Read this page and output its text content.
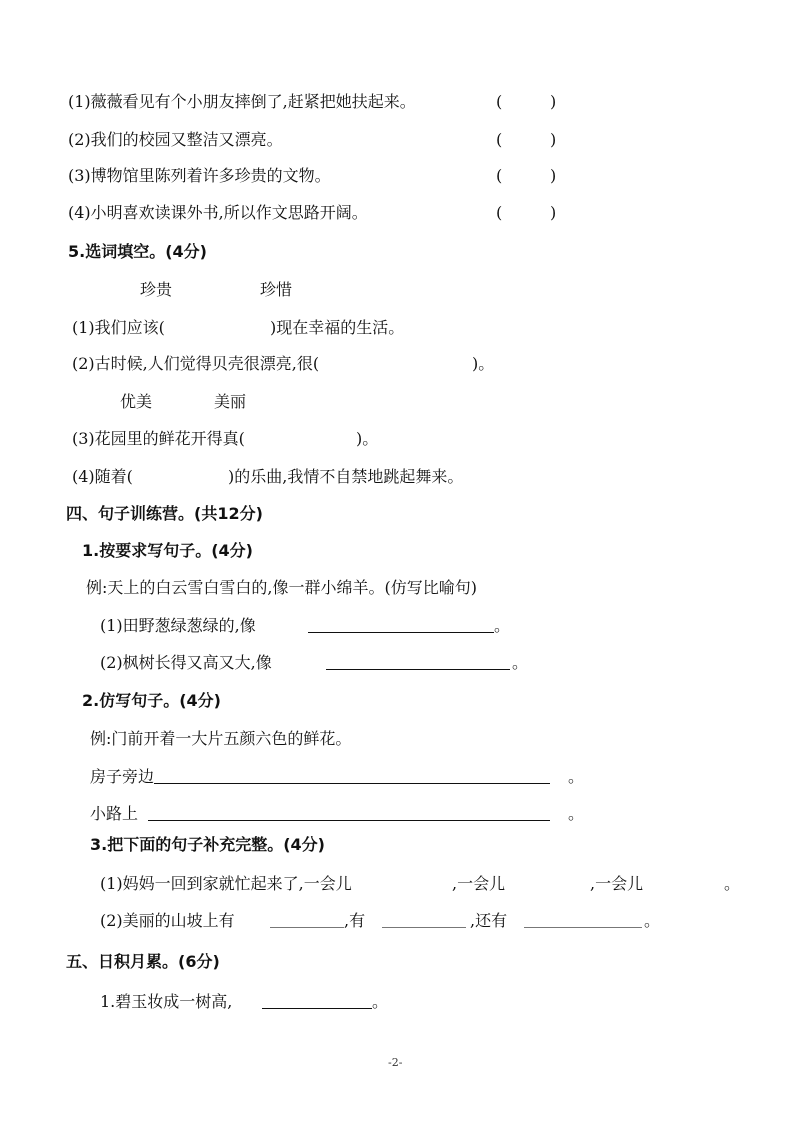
(1)薇薇看见有个小朋友摔倒了,赶紧把她扶起来。
(2)我们的校园又整洁又漂亮。
(3)博物馆里陈列着许多珍贵的文物。
(4)小明喜欢读课外书,所以作文思路开阔。
(	)
(	)
(	)
(	)
5.选词填空。(4分)
珍贵	珍惜
(1)我们应该(	)现在幸福的生活。
(2)古时候,人们觉得贝壳很漂亮,很(	)。
优美	美丽
(3)花园里的鲜花开得真(	)。
(4)随着(	)的乐曲,我情不自禁地跳起舞来。
四、句子训练营。(共12分)
1.按要求写句子。(4分)
例:天上的白云雪白雪白的,像一群小绵羊。(仿写比喻句)
(1)田野葱绿葱绿的,像	。
(2)枫树长得又高又大,像	。
2.仿写句子。(4分)
例:门前开着一大片五颜六色的鲜花。
房子旁边	。
小路上	。
3.把下面的句子补充完整。(4分)
(1)妈妈一回到家就忙起来了,一会儿	,一会儿	,一会儿	。
(2)美丽的山坡上有	,有	,还有	。
五、日积月累。(6分)
1.碧玉妆成一树高,	。
-2-
